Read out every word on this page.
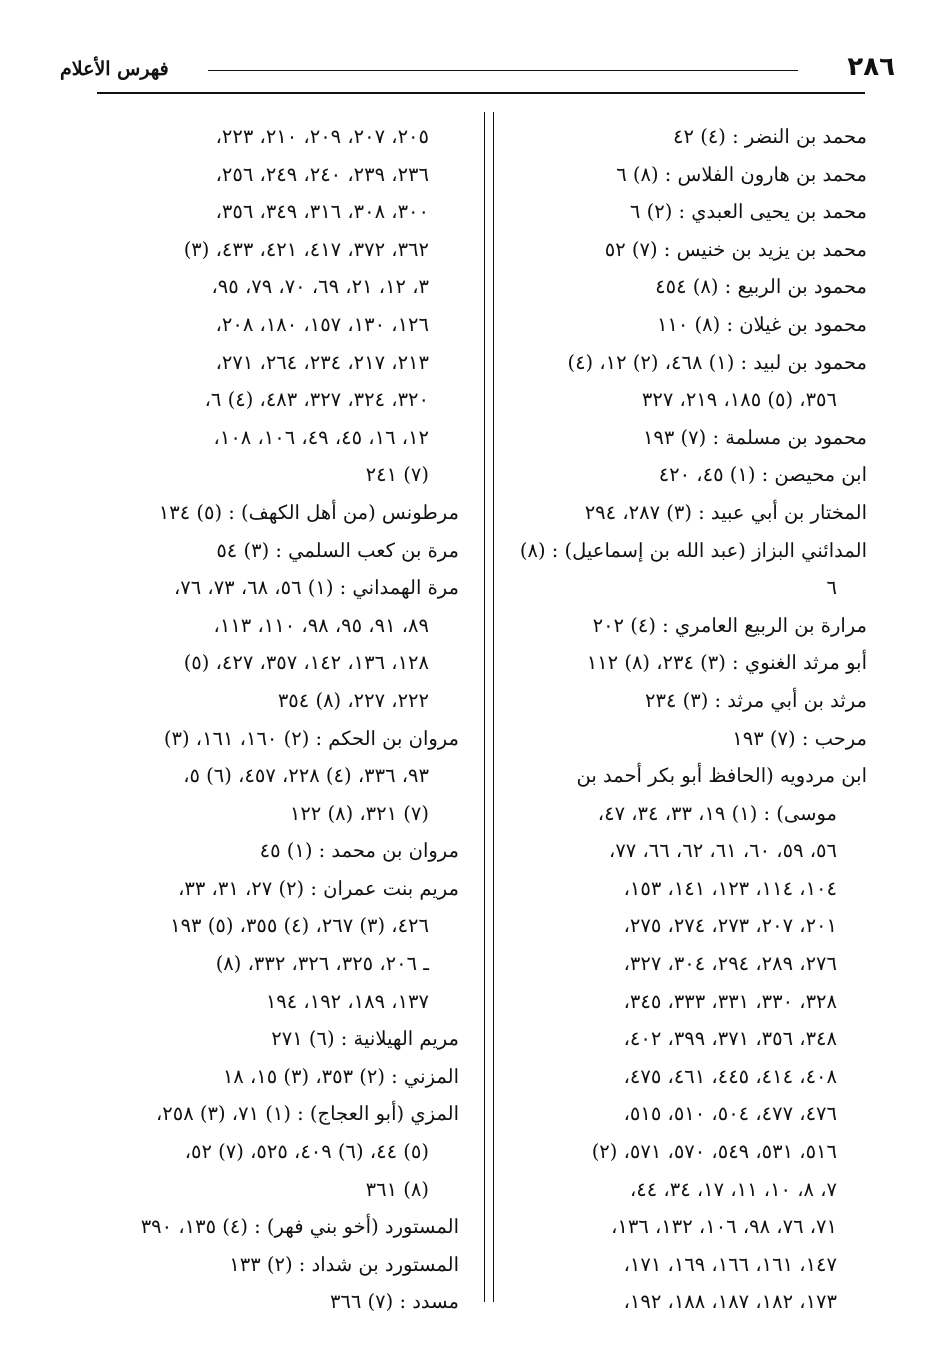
٢٨٦
فهرس الأعلام
محمد بن النضر : (٤) ٤٢
محمد بن هارون الفلاس : (٨) ٦
محمد بن يحيى العبدي : (٢) ٦
محمد بن يزيد بن خنيس : (٧) ٥٢
محمود بن الربيع : (٨) ٤٥٤
محمود بن غيلان : (٨) ١١٠
محمود بن لبيد : (١) ٤٦٨، (٢) ١٢، (٤)
٣٥٦، (٥) ١٨٥، ٢١٩، ٣٢٧
محمود بن مسلمة : (٧) ١٩٣
ابن محيصن : (١) ٤٥، ٤٢٠
المختار بن أبي عبيد : (٣) ٢٨٧، ٢٩٤
المدائني البزاز (عبد الله بن إسماعيل) : (٨)
٦
مرارة بن الربيع العامري : (٤) ٢٠٢
أبو مرثد الغنوي : (٣) ٢٣٤، (٨) ١١٢
مرثد بن أبي مرثد : (٣) ٢٣٤
مرحب : (٧) ١٩٣
ابن مردويه (الحافظ أبو بكر أحمد بن
موسى) : (١) ١٩، ٣٣، ٣٤، ٤٧،
٥٦، ٥٩، ٦٠، ٦١، ٦٢، ٦٦، ٧٧،
١٠٤، ١١٤، ١٢٣، ١٤١، ١٥٣،
٢٠١، ٢٠٧، ٢٧٣، ٢٧٤، ٢٧٥،
٢٧٦، ٢٨٩، ٢٩٤، ٣٠٤، ٣٢٧،
٣٢٨، ٣٣٠، ٣٣١، ٣٣٣، ٣٤٥،
٣٤٨، ٣٥٦، ٣٧١، ٣٩٩، ٤٠٢،
٤٠٨، ٤١٤، ٤٤٥، ٤٦١، ٤٧٥،
٤٧٦، ٤٧٧، ٥٠٤، ٥١٠، ٥١٥،
٥١٦، ٥٣١، ٥٤٩، ٥٧٠، ٥٧١، (٢)
٧، ٨، ١٠، ١١، ١٧، ٣٤، ٤٤،
٧١، ٧٦، ٩٨، ١٠٦، ١٣٢، ١٣٦،
١٤٧، ١٦١، ١٦٦، ١٦٩، ١٧١،
١٧٣، ١٨٢، ١٨٧، ١٨٨، ١٩٢،
٢٠٥، ٢٠٧، ٢٠٩، ٢١٠، ٢٢٣،
٢٣٦، ٢٣٩، ٢٤٠، ٢٤٩، ٢٥٦،
٣٠٠، ٣٠٨، ٣١٦، ٣٤٩، ٣٥٦،
٣٦٢، ٣٧٢، ٤١٧، ٤٢١، ٤٣٣، (٣)
٣، ١٢، ٢١، ٦٩، ٧٠، ٧٩، ٩٥،
١٢٦، ١٣٠، ١٥٧، ١٨٠، ٢٠٨،
٢١٣، ٢١٧، ٢٣٤، ٢٦٤، ٢٧١،
٣٢٠، ٣٢٤، ٣٢٧، ٤٨٣، (٤) ٦،
١٢، ١٦، ٤٥، ٤٩، ١٠٦، ١٠٨،
(٧) ٢٤١
مرطونس (من أهل الكهف) : (٥) ١٣٤
مرة بن كعب السلمي : (٣) ٥٤
مرة الهمداني : (١) ٥٦، ٦٨، ٧٣، ٧٦،
٨٩، ٩١، ٩٥، ٩٨، ١١٠، ١١٣،
١٢٨، ١٣٦، ١٤٢، ٣٥٧، ٤٢٧، (٥)
٢٢٢، ٢٢٧، (٨) ٣٥٤
مروان بن الحكم : (٢) ١٦٠، ١٦١، (٣)
٩٣، ٣٣٦، (٤) ٢٢٨، ٤٥٧، (٦) ٥،
(٧) ٣٢١، (٨) ١٢٢
مروان بن محمد : (١) ٤٥
مريم بنت عمران : (٢) ٢٧، ٣١، ٣٣،
٤٢٦، (٣) ٢٦٧، (٤) ٣٥٥، (٥) ١٩٣
ـ ٢٠٦، ٣٢٥، ٣٢٦، ٣٣٢، (٨)
١٣٧، ١٨٩، ١٩٢، ١٩٤
مريم الهيلانية : (٦) ٢٧١
المزني : (٢) ٣٥٣، (٣) ١٥، ١٨
المزي (أبو العجاج) : (١) ٧١، (٣) ٢٥٨،
(٥) ٤٤، (٦) ٤٠٩، ٥٢٥، (٧) ٥٢،
(٨) ٣٦١
المستورد (أخو بني فهر) : (٤) ١٣٥، ٣٩٠
المستورد بن شداد : (٢) ١٣٣
مسدد : (٧) ٣٦٦
